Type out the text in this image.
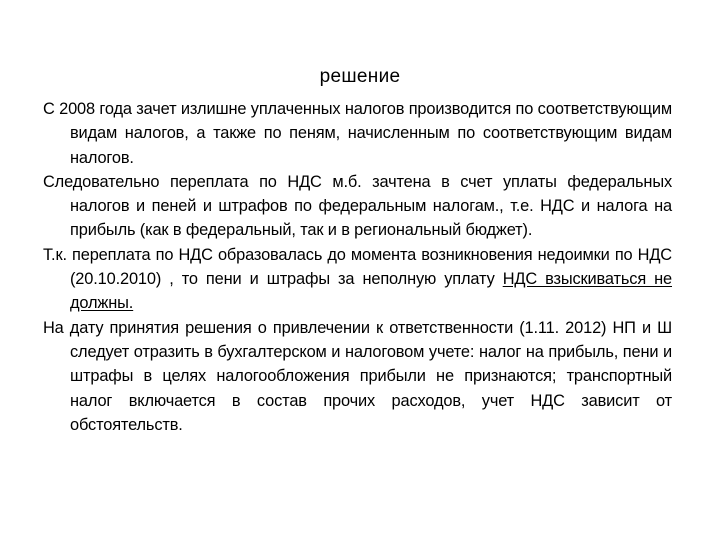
решение

С 2008 года зачет излишне уплаченных налогов производится по соответствующим видам налогов, а также по пеням, начисленным по соответствующим видам налогов.

Следовательно переплата по НДС м.б. зачтена в счет уплаты федеральных налогов и пеней и штрафов по федеральным налогам., т.е. НДС и налога на прибыль (как в федеральный, так и в региональный бюджет).

Т.к. переплата по НДС образовалась до момента возникновения недоимки по НДС (20.10.2010) , то пени и штрафы за неполную уплату НДС взыскиваться не должны.

На дату принятия решения о привлечении к ответственности (1.11. 2012) НП и Ш следует отразить в бухгалтерском и налоговом учете: налог на прибыль, пени и штрафы в целях налогообложения прибыли не признаются; транспортный налог включается в состав прочих расходов, учет НДС зависит от обстоятельств.
